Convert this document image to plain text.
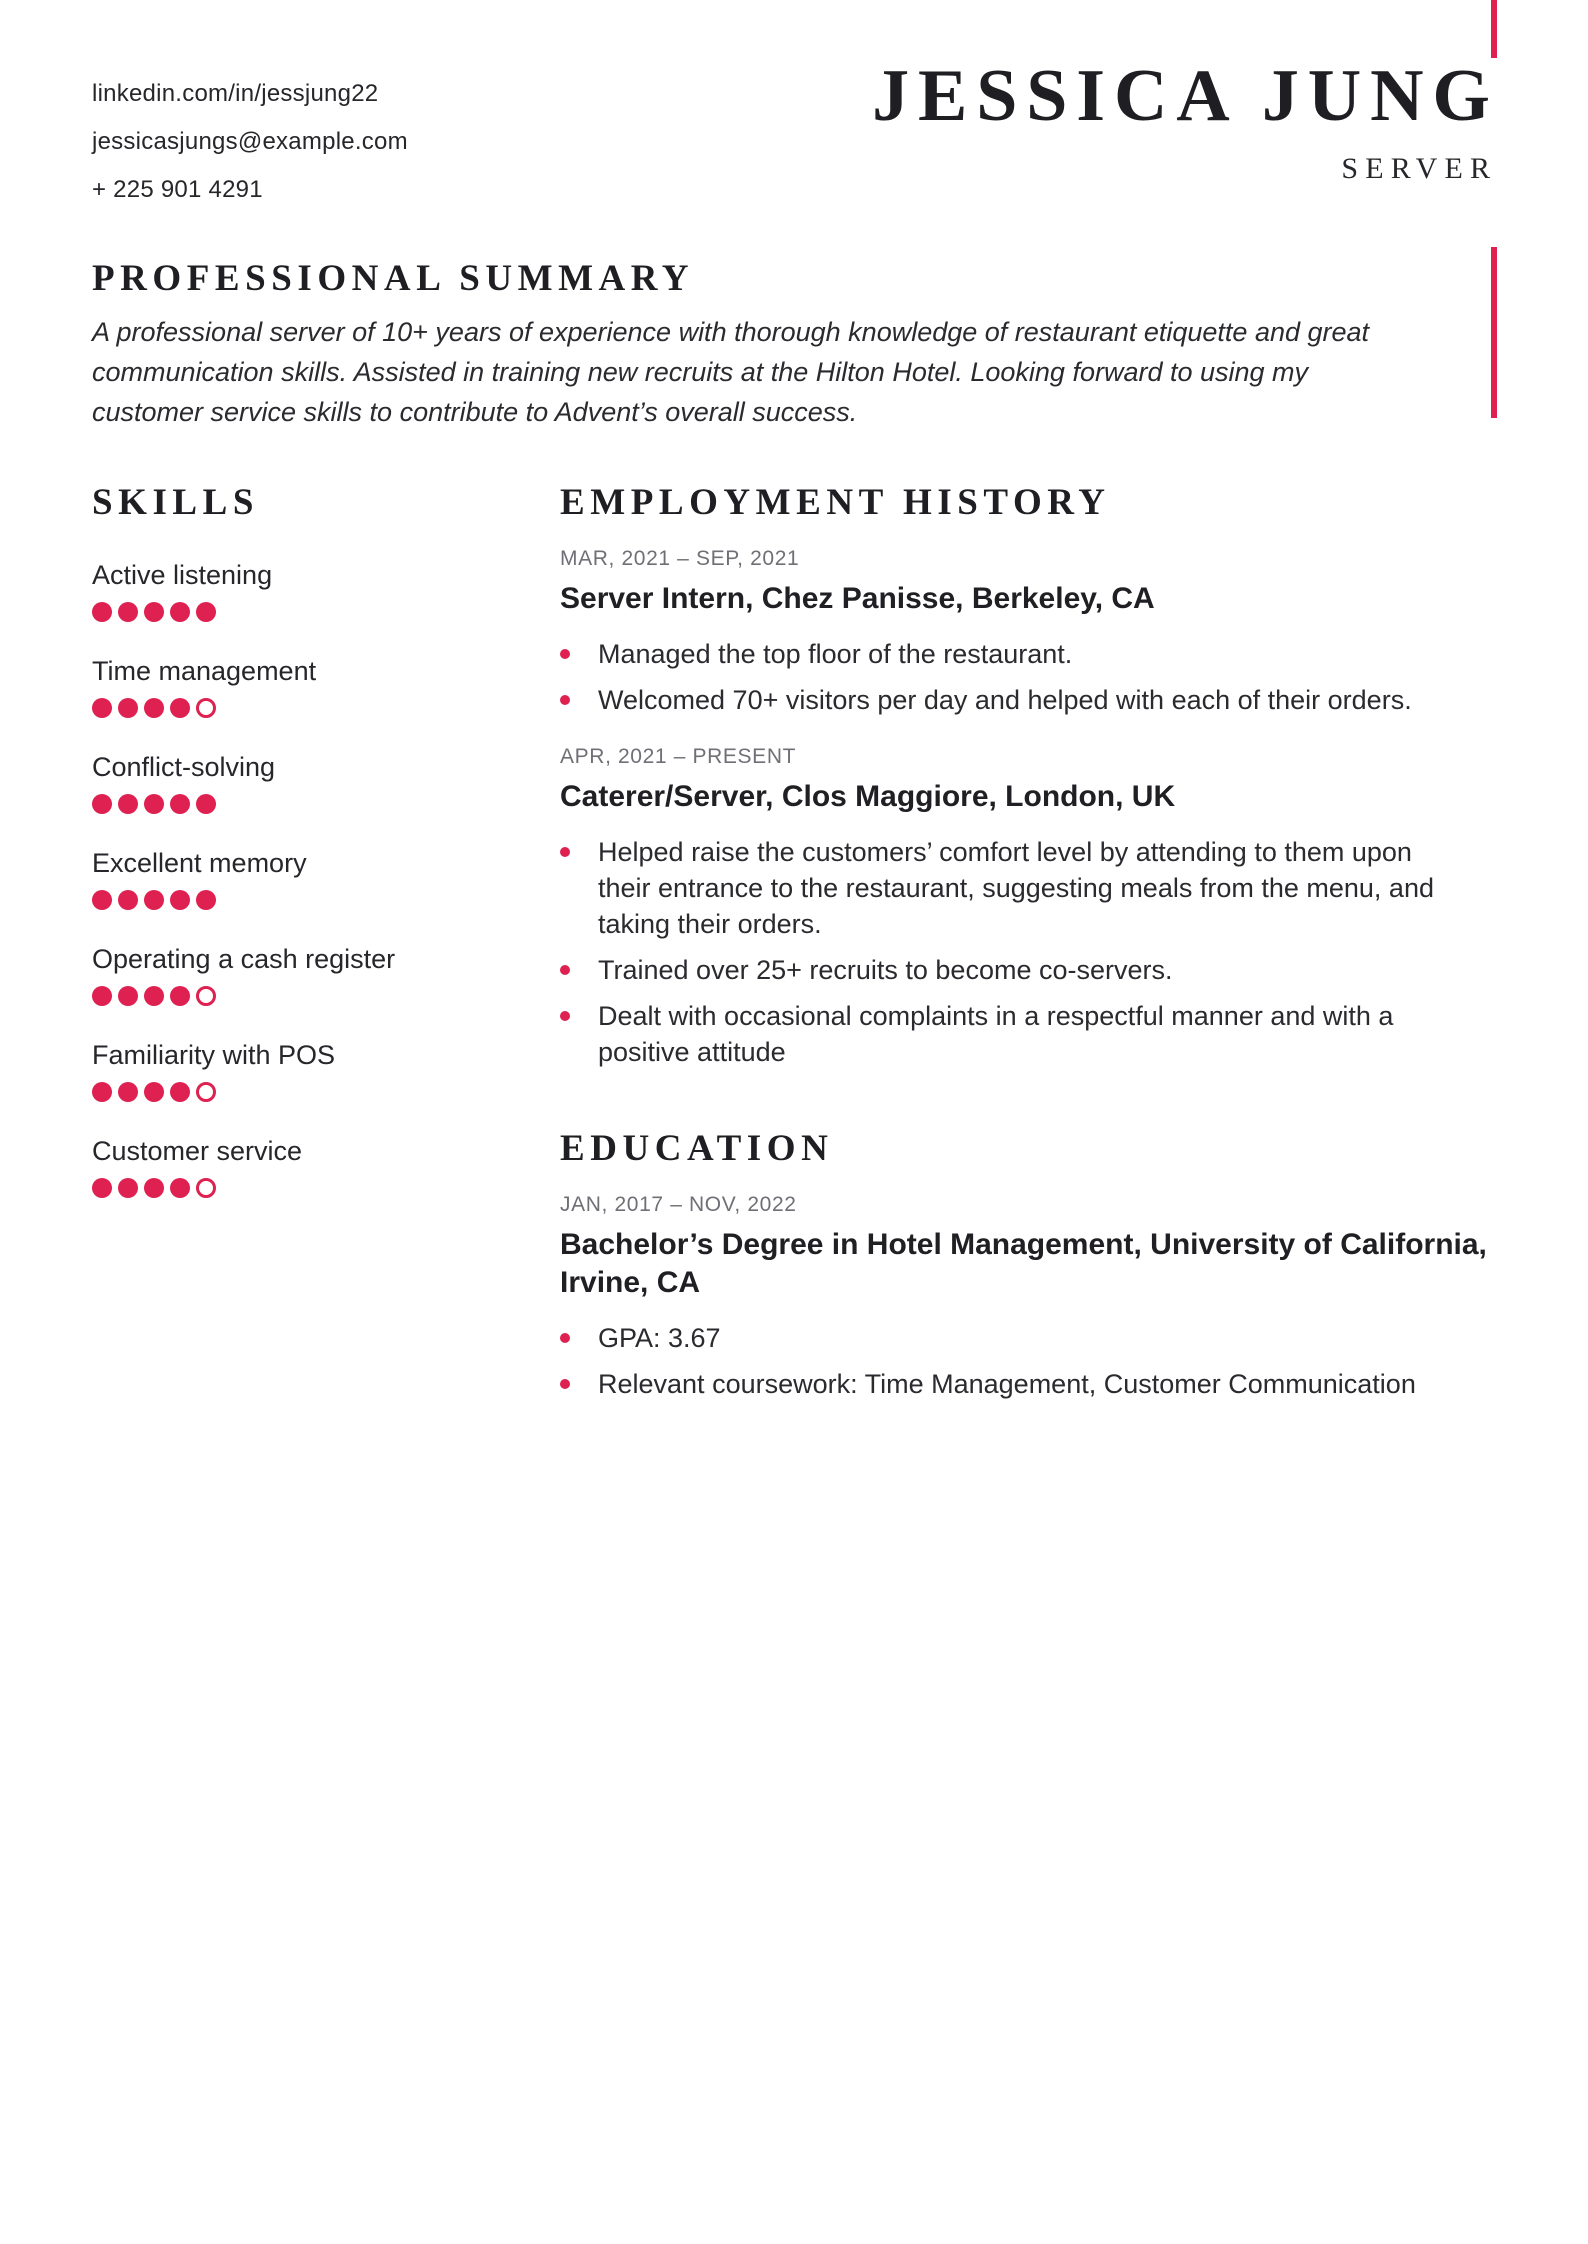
linkedin.com/in/jessjung22
jessicasjungs@example.com
+ 225 901 4291
JESSICA JUNG
SERVER
PROFESSIONAL SUMMARY
A professional server of 10+ years of experience with thorough knowledge of restaurant etiquette and great communication skills. Assisted in training new recruits at the Hilton Hotel. Looking forward to using my customer service skills to contribute to Advent’s overall success.
SKILLS
Active listening
Time management
Conflict-solving
Excellent memory
Operating a cash register
Familiarity with POS
Customer service
EMPLOYMENT HISTORY
MAR, 2021 – SEP, 2021
Server Intern, Chez Panisse, Berkeley, CA
Managed the top floor of the restaurant.
Welcomed 70+ visitors per day and helped with each of their orders.
APR, 2021 – PRESENT
Caterer/Server, Clos Maggiore, London, UK
Helped raise the customers’ comfort level by attending to them upon their entrance to the restaurant, suggesting meals from the menu, and taking their orders.
Trained over 25+ recruits to become co-servers.
Dealt with occasional complaints in a respectful manner and with a positive attitude
EDUCATION
JAN, 2017 – NOV, 2022
Bachelor’s Degree in Hotel Management, University of California, Irvine, CA
GPA: 3.67
Relevant coursework: Time Management, Customer Communication
